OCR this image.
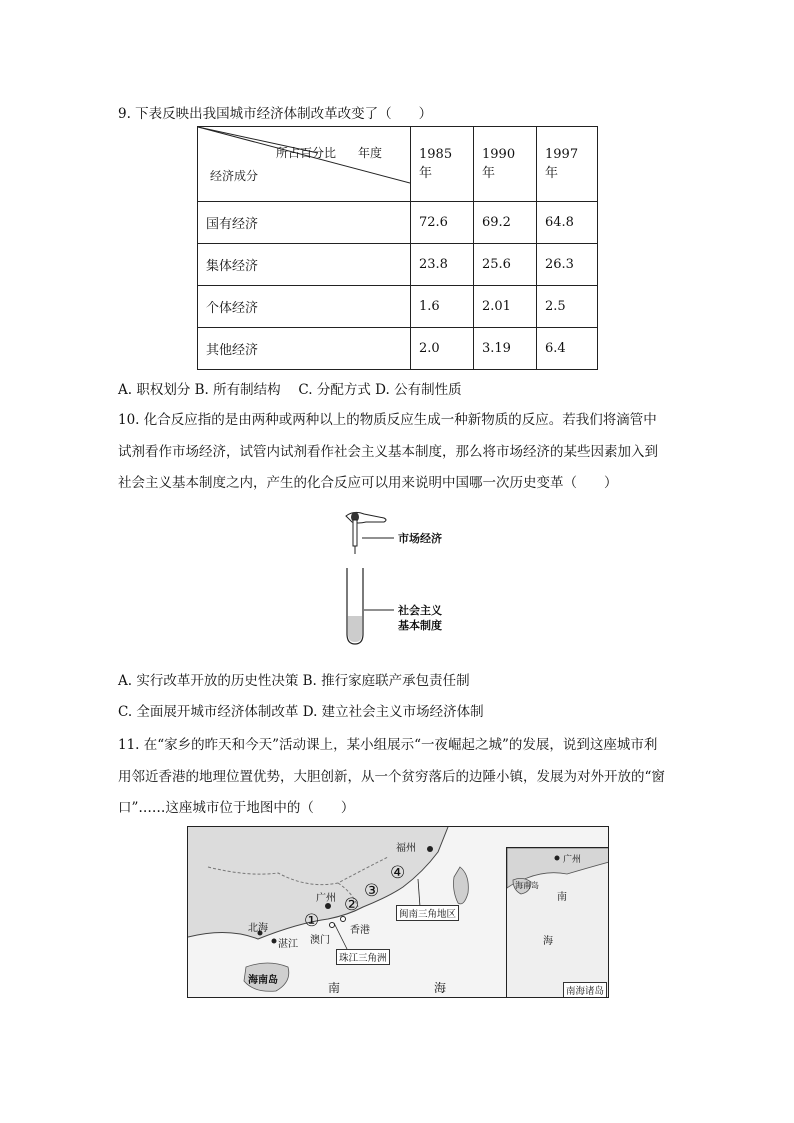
9. 下表反映出我国城市经济体制改革改变了（　　）
所占百分比 年度
经济成分	1985 年	1990 年	1997 年
国有经济	72.6	69.2	64.8
集体经济	23.8	25.6	26.3
个体经济	1.6	2.01	2.5
其他经济	2.0	3.19	6.4
A. 职权划分 B. 所有制结构　 C. 分配方式 D. 公有制性质
10. 化合反应指的是由两种或两种以上的物质反应生成一种新物质的反应。若我们将滴管中
试剂看作市场经济，试管内试剂看作社会主义基本制度，那么将市场经济的某些因素加入到
社会主义基本制度之内，产生的化合反应可以用来说明中国哪一次历史变革（　　）
市场经济
社会主义
基本制度
A. 实行改革开放的历史性决策 B. 推行家庭联产承包责任制
C. 全面展开城市经济体制改革 D. 建立社会主义市场经济体制
11. 在“家乡的昨天和今天”活动课上，某小组展示“一夜崛起之城”的发展，说到这座城市利
用邻近香港的地理位置优势，大胆创新，从一个贫穷落后的边陲小镇，发展为对外开放的“窗
口”……这座城市位于地图中的（　　）
福州
广州
北海
湛江 澳门
香港
海南岛
南	海
①
②
③
④
珠江三角洲
闽南三角地区
广州
海南岛
南
海
南海诸岛
